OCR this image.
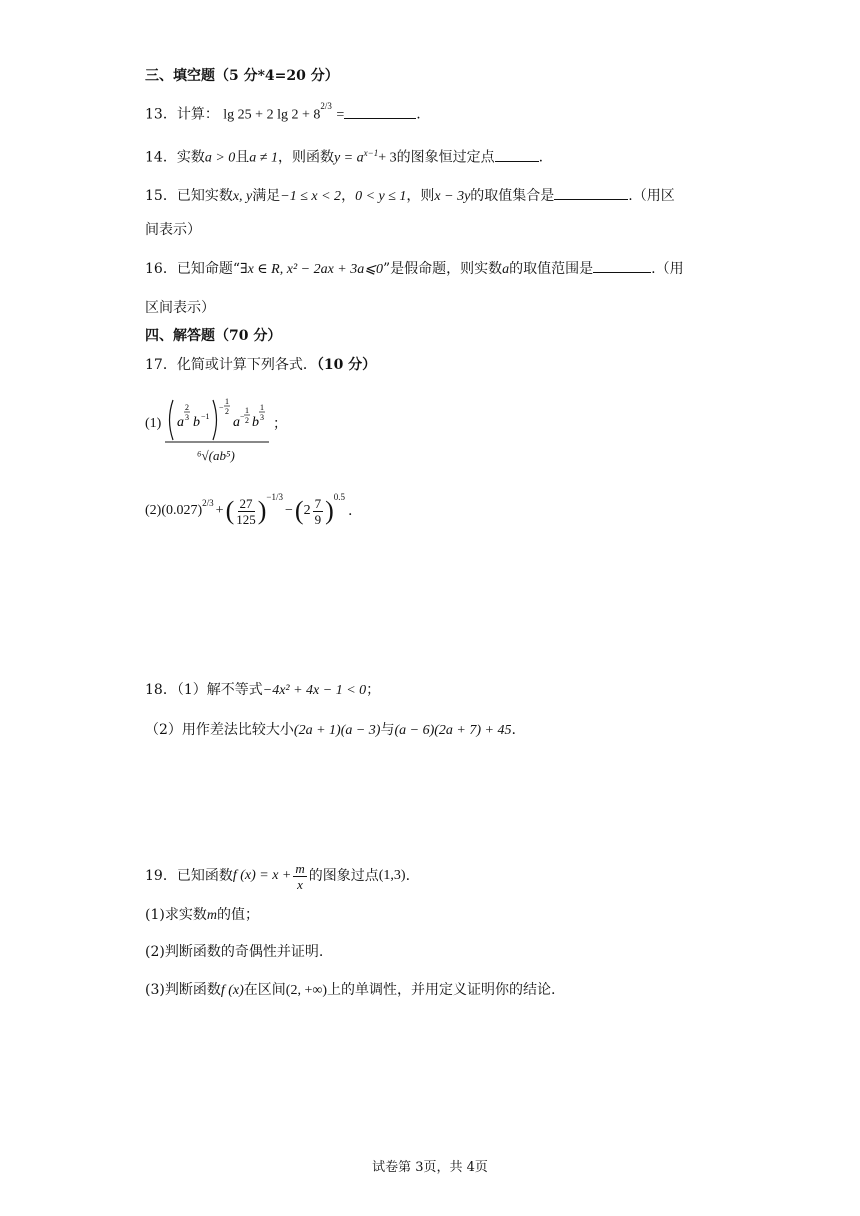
三、填空题（5 分*4=20 分）
13．计算： lg 25 + 2 $\lg 2 + 8^{2/3}$ =	.
14．实数a > 0且a ≠ 1，则函数$y = a^{x-1}+ 3$的图象恒过定点	.
15．已知实数x, y满足−1 ≤ x < 2，0 < y ≤ 1，则x − 3y的取值集合是	.（用区
间表示）
16．已知命题“∃x ∈ R, x² − 2ax + 3a⩽0”是假命题，则实数a的取值范围是	.（用
区间表示）
四、解答题（70 分）
17．化简或计算下列各式．（10 分）
(1) a
2
3 b −1
−
1
2
a −
1
2 b
1
3
⁶√(ab⁵)
；
(2) $(0.027)^{2/3}$ + ( $\frac{27}{125} )^{-1/3}$
− ( $2 \frac{7}{9} )^{0.5}$
.
18．（1）解不等式−4x² + 4x − 1 < 0；
（2）用作差法比较大小(2a + 1)(a − 3)与(a − 6)(2a + 7) + 45.
19． 已知函数 f $(x) = x + \frac{m}{x}$ 的图象过点 (1,3) .
(1)求实数m的值；
(2)判断函数的奇偶性并证明.
(3)判断函数f (x)在区间(2, +∞)上的单调性，并用定义证明你的结论.
试卷第 3页，共 4页
